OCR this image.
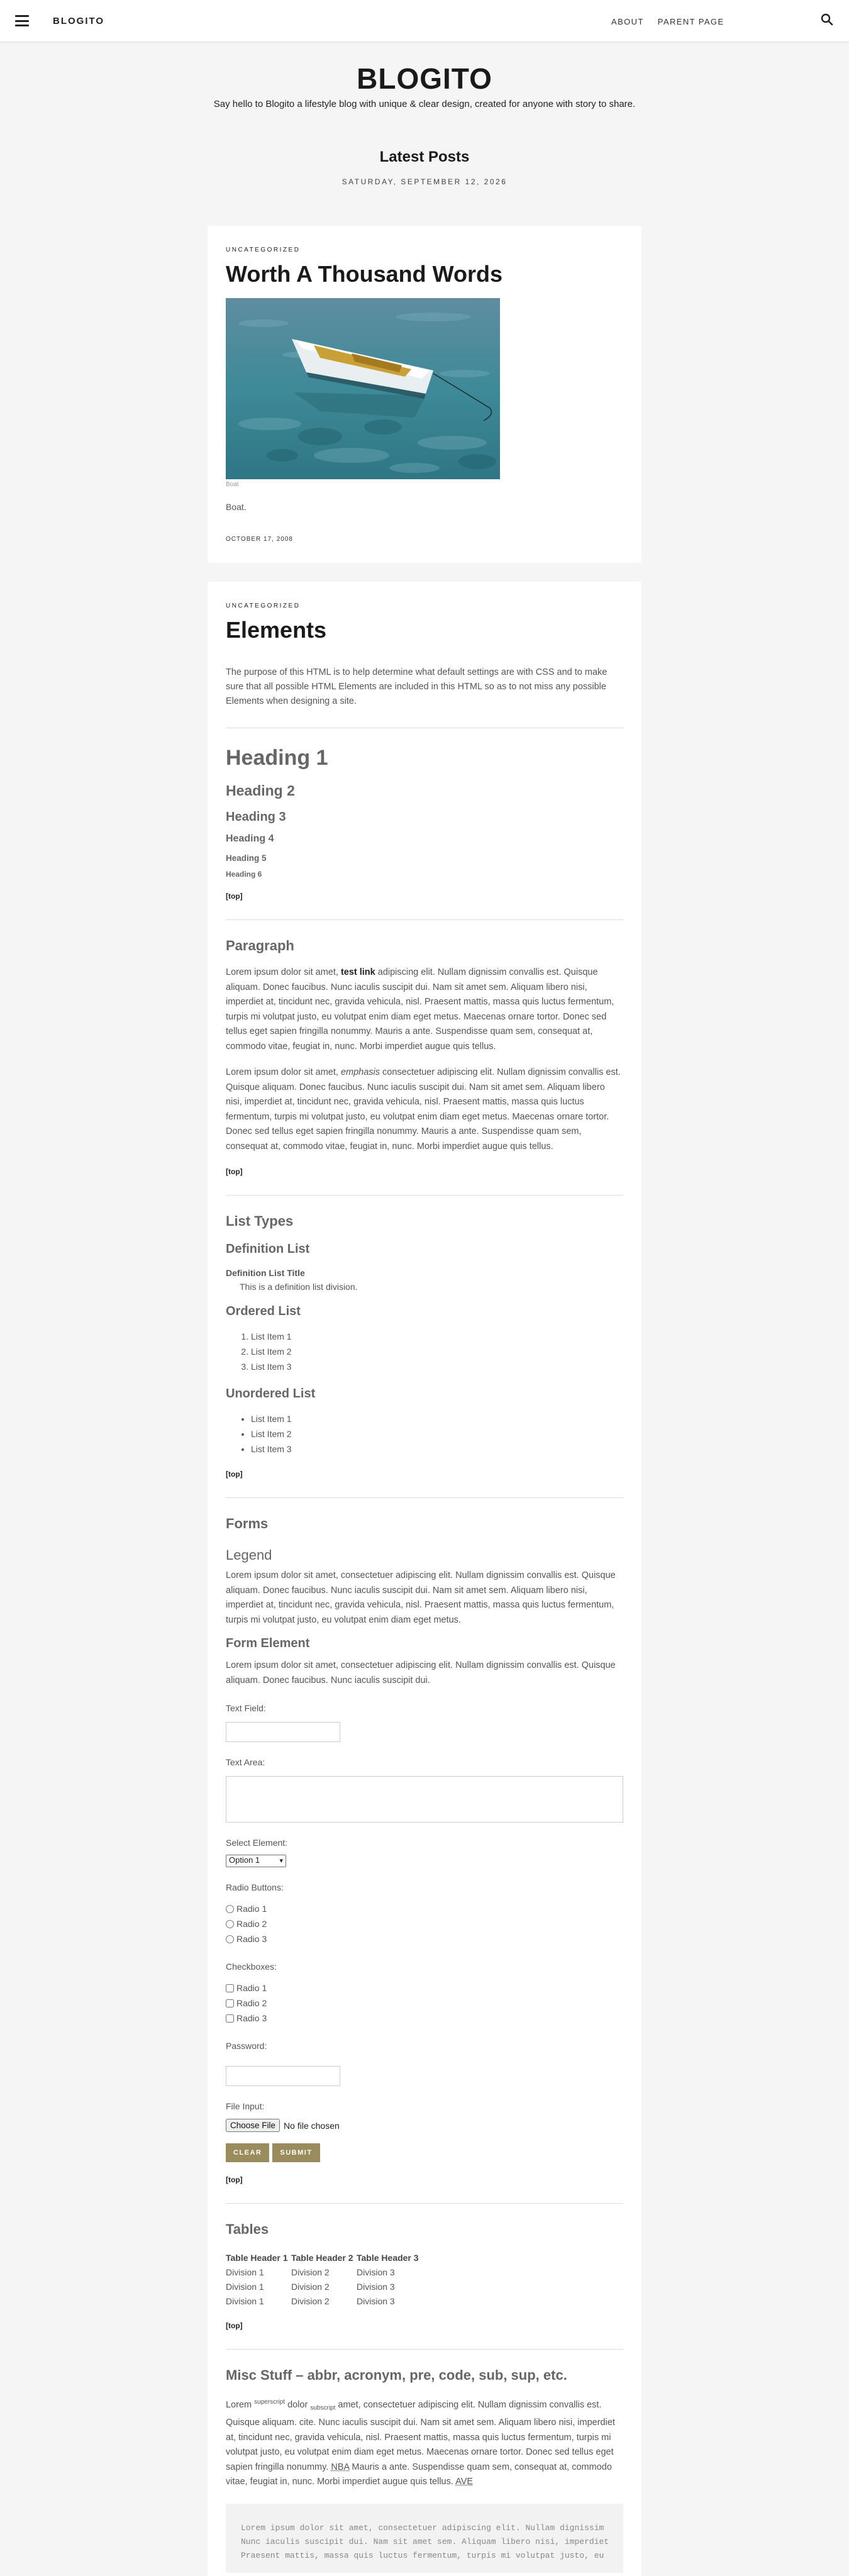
BLOGITO	ABOUT PARENT PAGE
BLOGITO
Say hello to Blogito a lifestyle blog with unique & clear design, created for anyone with story to share.
Latest Posts
SATURDAY, SEPTEMBER 12, 2026
UNCATEGORIZED
Worth A Thousand Words
Boat
Boat.
OCTOBER 17, 2008
UNCATEGORIZED
Elements
The purpose of this HTML is to help determine what default settings are with CSS and to make sure that all possible HTML Elements are included in this HTML so as to not miss any possible Elements when designing a site.
Heading 1
Heading 2
Heading 3
Heading 4
Heading 5
Heading 6
[top]
Paragraph
Lorem ipsum dolor sit amet, test link adipiscing elit. Nullam dignissim convallis est. Quisque aliquam. Donec faucibus. Nunc iaculis suscipit dui. Nam sit amet sem. Aliquam libero nisi, imperdiet at, tincidunt nec, gravida vehicula, nisl. Praesent mattis, massa quis luctus fermentum, turpis mi volutpat justo, eu volutpat enim diam eget metus. Maecenas ornare tortor. Donec sed tellus eget sapien fringilla nonummy. Mauris a ante. Suspendisse quam sem, consequat at, commodo vitae, feugiat in, nunc. Morbi imperdiet augue quis tellus.
Lorem ipsum dolor sit amet, emphasis consectetuer adipiscing elit. Nullam dignissim convallis est. Quisque aliquam. Donec faucibus. Nunc iaculis suscipit dui. Nam sit amet sem. Aliquam libero nisi, imperdiet at, tincidunt nec, gravida vehicula, nisl. Praesent mattis, massa quis luctus fermentum, turpis mi volutpat justo, eu volutpat enim diam eget metus. Maecenas ornare tortor. Donec sed tellus eget sapien fringilla nonummy. Mauris a ante. Suspendisse quam sem, consequat at, commodo vitae, feugiat in, nunc. Morbi imperdiet augue quis tellus.
[top]
List Types
Definition List
Definition List Title
This is a definition list division.
Ordered List
1. List Item 1
2. List Item 2
3. List Item 3
Unordered List
• List Item 1
• List Item 2
• List Item 3
[top]
Forms
Legend
Lorem ipsum dolor sit amet, consectetuer adipiscing elit. Nullam dignissim convallis est. Quisque aliquam. Donec faucibus. Nunc iaculis suscipit dui. Nam sit amet sem. Aliquam libero nisi, imperdiet at, tincidunt nec, gravida vehicula, nisl. Praesent mattis, massa quis luctus fermentum, turpis mi volutpat justo, eu volutpat enim diam eget metus.
Form Element
Lorem ipsum dolor sit amet, consectetuer adipiscing elit. Nullam dignissim convallis est. Quisque aliquam. Donec faucibus. Nunc iaculis suscipit dui.
Text Field:
Text Area:
Select Element:
Option 1	▾
Radio Buttons:
Radio 1
Radio 2
Radio 3
Checkboxes:
Radio 1
Radio 2
Radio 3
Password:
File Input:
Choose File No file chosen
CLEAR	SUBMIT
[top]
Tables
Table Header 1	Table Header 2	Table Header 3
Division 1	Division 2	Division 3
Division 1	Division 2	Division 3
Division 1	Division 2	Division 3
[top]
Misc Stuff – abbr, acronym, pre, code, sub, sup, etc.
Lorem $^{superscript}$ dolor $_{subscript}$ amet, consectetuer adipiscing elit. Nullam dignissim convallis est. Quisque aliquam. cite. Nunc iaculis suscipit dui. Nam sit amet sem. Aliquam libero nisi, imperdiet at, tincidunt nec, gravida vehicula, nisl. Praesent mattis, massa quis luctus fermentum, turpis mi volutpat justo, eu volutpat enim diam eget metus. Maecenas ornare tortor. Donec sed tellus eget sapien fringilla nonummy. NBA Mauris a ante. Suspendisse quam sem, consequat at, commodo vitae, feugiat in, nunc. Morbi imperdiet augue quis tellus. AVE
Lorem ipsum dolor sit amet, consectetuer adipiscing elit. Nullam dignissim
Nunc iaculis suscipit dui. Nam sit amet sem. Aliquam libero nisi, imperdiet
Praesent mattis, massa quis luctus fermentum, turpis mi volutpat justo, eu
